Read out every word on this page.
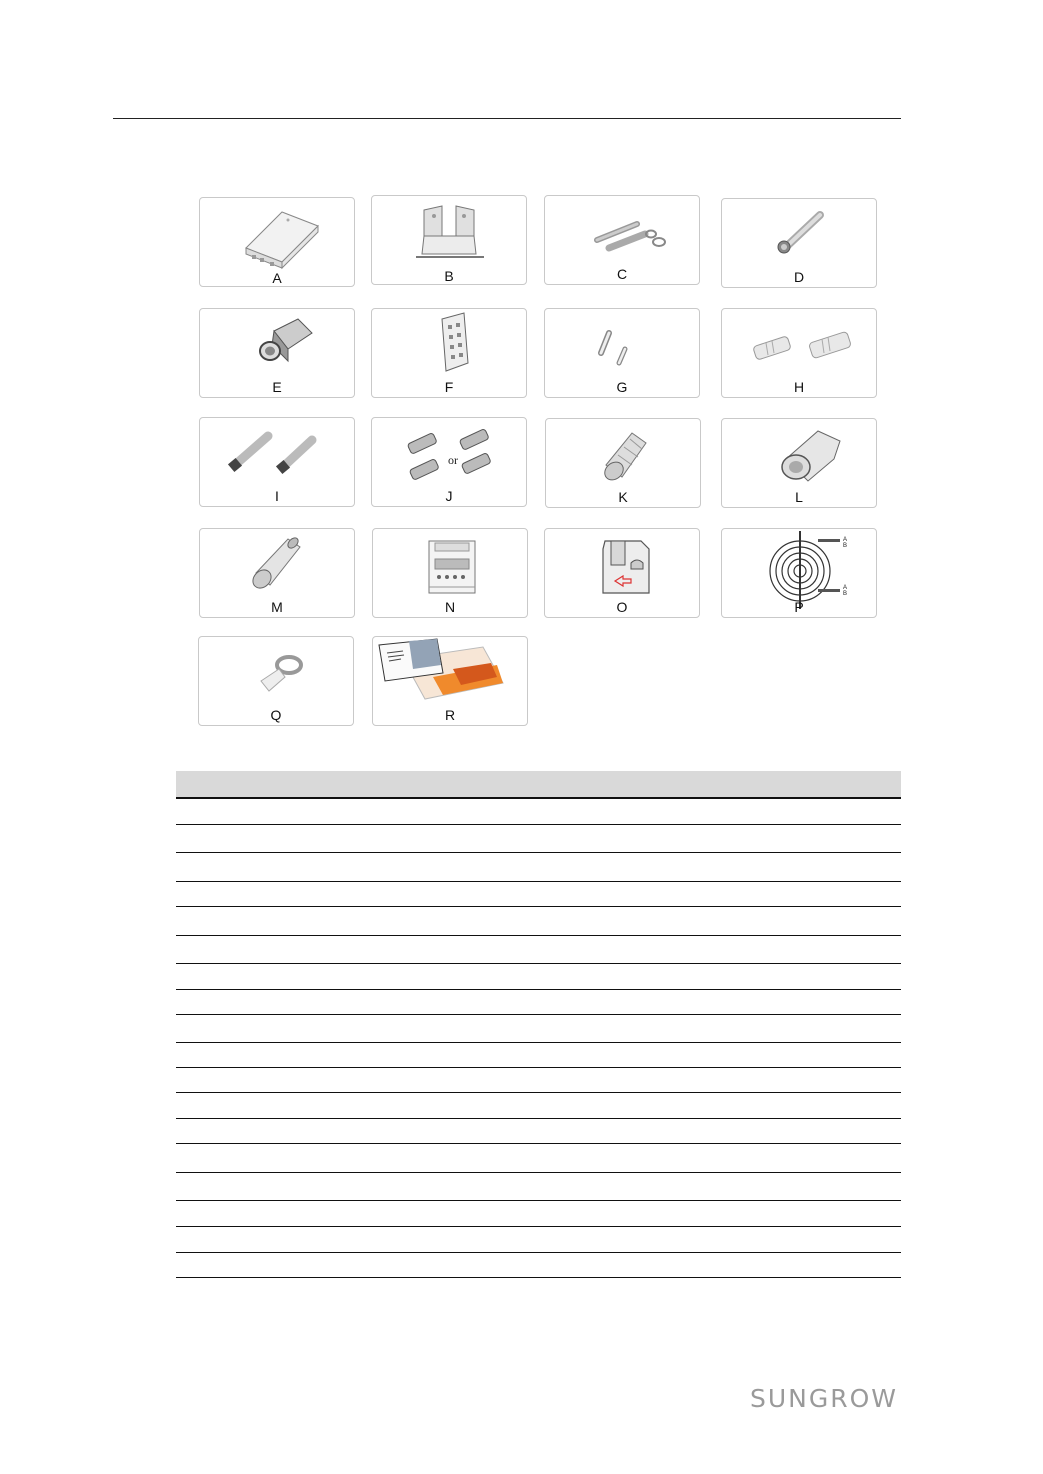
A	B	C	D
E	F	G	H
I
or
J	K	L
M	N	O
A
B
A
B
P
Q	R
SUNGROW
